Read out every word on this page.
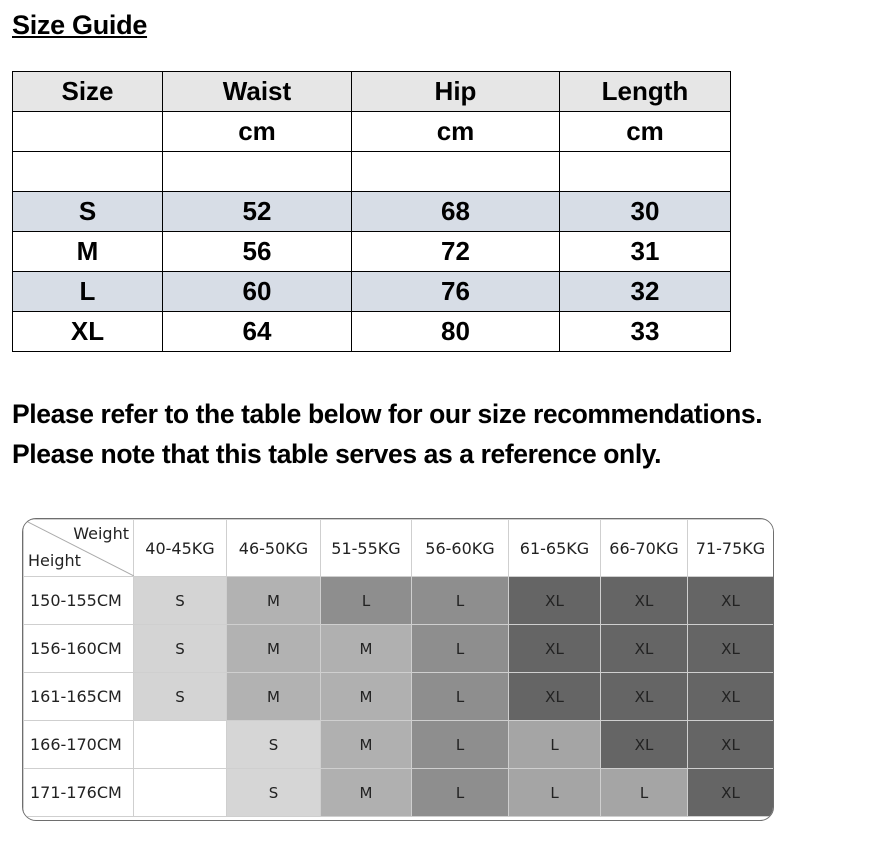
Size Guide
Size	Waist	Hip	Length
	cm	cm	cm

S	52	68	30
M	56	72	31
L	60	76	32
XL	64	80	33
Please refer to the table below for our size recommendations.
Please note that this table serves as a reference only.
Weight
Height	40-45KG	46-50KG	51-55KG	56-60KG	61-65KG	66-70KG	71-75KG
150-155CM	S	M	L	L	XL	XL	XL
156-160CM	S	M	M	L	XL	XL	XL
161-165CM	S	M	M	L	XL	XL	XL
166-170CM		S	M	L	L	XL	XL
171-176CM		S	M	L	L	L	XL
